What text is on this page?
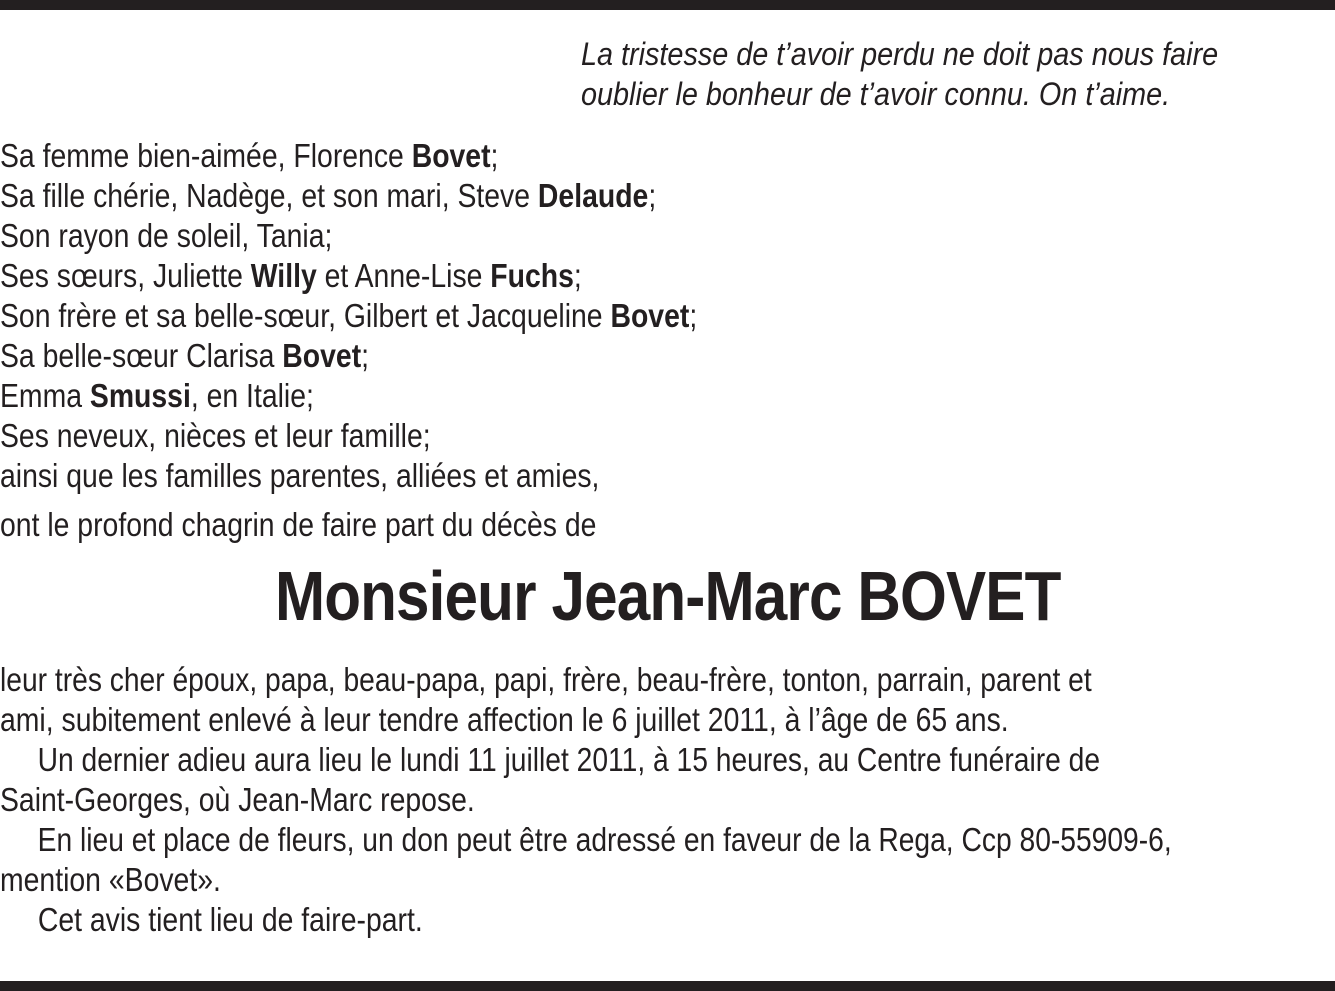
La tristesse de t’avoir perdu ne doit pas nous faire
oublier le bonheur de t’avoir connu. On t’aime.
Sa femme bien-aimée, Florence Bovet;
Sa fille chérie, Nadège, et son mari, Steve Delaude;
Son rayon de soleil, Tania;
Ses sœurs, Juliette Willy et Anne-Lise Fuchs;
Son frère et sa belle-sœur, Gilbert et Jacqueline Bovet;
Sa belle-sœur Clarisa Bovet;
Emma Smussi, en Italie;
Ses neveux, nièces et leur famille;
ainsi que les familles parentes, alliées et amies,
ont le profond chagrin de faire part du décès de
Monsieur Jean-Marc BOVET
leur très cher époux, papa, beau-papa, papi, frère, beau-frère, tonton, parrain, parent et
ami, subitement enlevé à leur tendre affection le 6 juillet 2011, à l’âge de 65 ans.
Un dernier adieu aura lieu le lundi 11 juillet 2011, à 15 heures, au Centre funéraire de
Saint-Georges, où Jean-Marc repose.
En lieu et place de fleurs, un don peut être adressé en faveur de la Rega, Ccp 80-55909-6,
mention «Bovet».
Cet avis tient lieu de faire-part.
